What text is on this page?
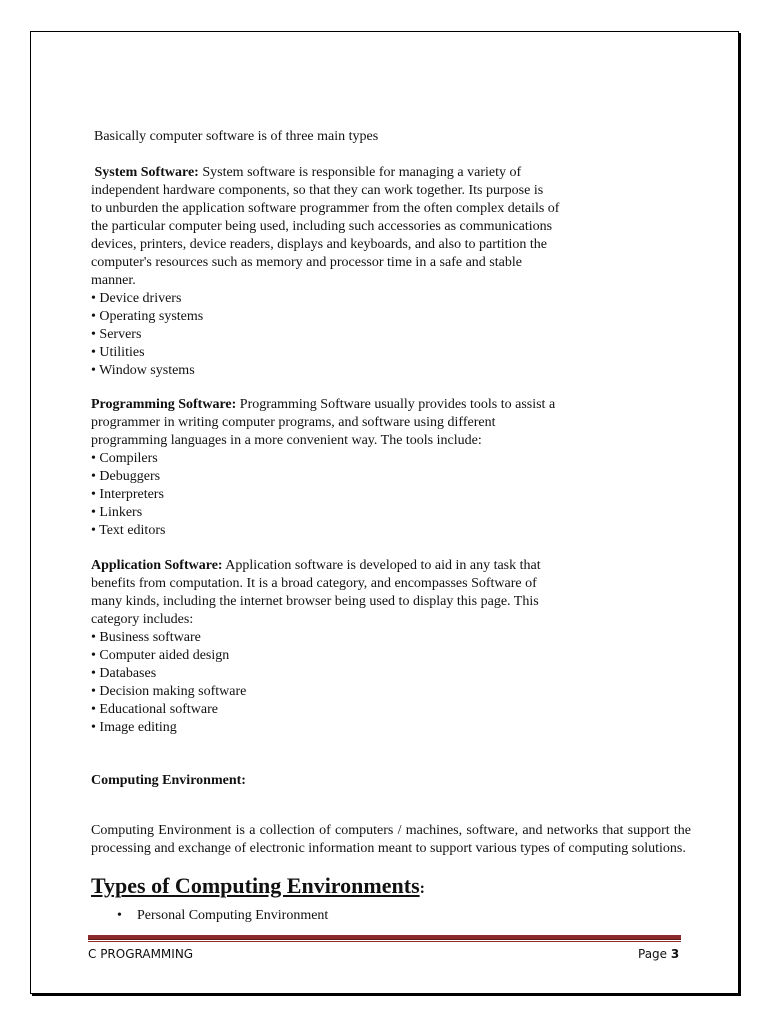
Basically computer software is of three main types

System Software: System software is responsible for managing a variety of
independent hardware components, so that they can work together. Its purpose is
to unburden the application software programmer from the often complex details of
the particular computer being used, including such accessories as communications
devices, printers, device readers, displays and keyboards, and also to partition the
computer's resources such as memory and processor time in a safe and stable
manner.
• Device drivers
• Operating systems
• Servers
• Utilities
• Window systems
Programming Software: Programming Software usually provides tools to assist a
programmer in writing computer programs, and software using different
programming languages in a more convenient way. The tools include:
• Compilers
• Debuggers
• Interpreters
• Linkers
• Text editors
Application Software: Application software is developed to aid in any task that
benefits from computation. It is a broad category, and encompasses Software of
many kinds, including the internet browser being used to display this page. This
category includes:
• Business software
• Computer aided design
• Databases
• Decision making software
• Educational software
• Image editing
Computing Environment:

Computing Environment is a collection of computers / machines, software, and networks that support the processing and exchange of electronic information meant to support various types of computing solutions.

Types of Computing Environments:
• Personal Computing Environment
C PROGRAMMING	Page 3
